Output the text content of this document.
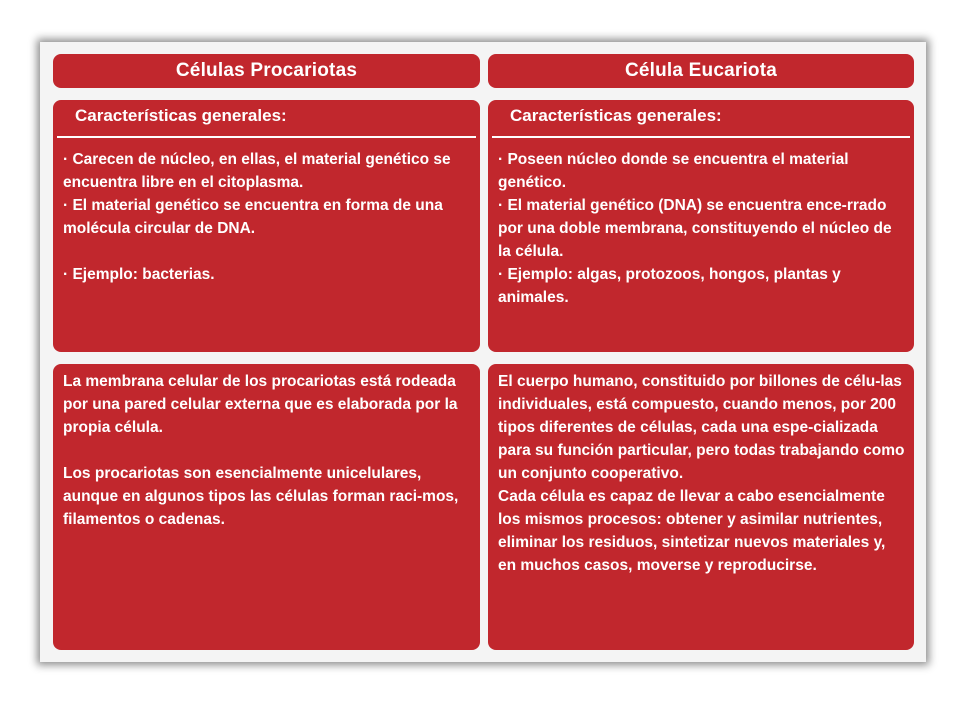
Células Procariotas	Célula Eucariota
Características generales:
· Carecen de núcleo, en ellas, el material genético se encuentra libre en el citoplasma.
· El material genético se encuentra en forma de una molécula circular de DNA.
· Ejemplo: bacterias.
Características generales:
· Poseen núcleo donde se encuentra el material genético.
· El material genético (DNA) se encuentra ence-rrado por una doble membrana, constituyendo el núcleo de la célula.
· Ejemplo: algas, protozoos, hongos, plantas y animales.

La membrana celular de los procariotas está rodeada por una pared celular externa que es elaborada por la propia célula.

Los procariotas son esencialmente unicelulares, aunque en algunos tipos las células forman raci-mos, filamentos o cadenas.

El cuerpo humano, constituido por billones de célu-las individuales, está compuesto, cuando menos, por 200 tipos diferentes de células, cada una espe-cializada para su función particular, pero todas trabajando como un conjunto cooperativo.

Cada célula es capaz de llevar a cabo esencialmente los mismos procesos: obtener y asimilar nutrientes, eliminar los residuos, sintetizar nuevos materiales y, en muchos casos, moverse y reproducirse.
